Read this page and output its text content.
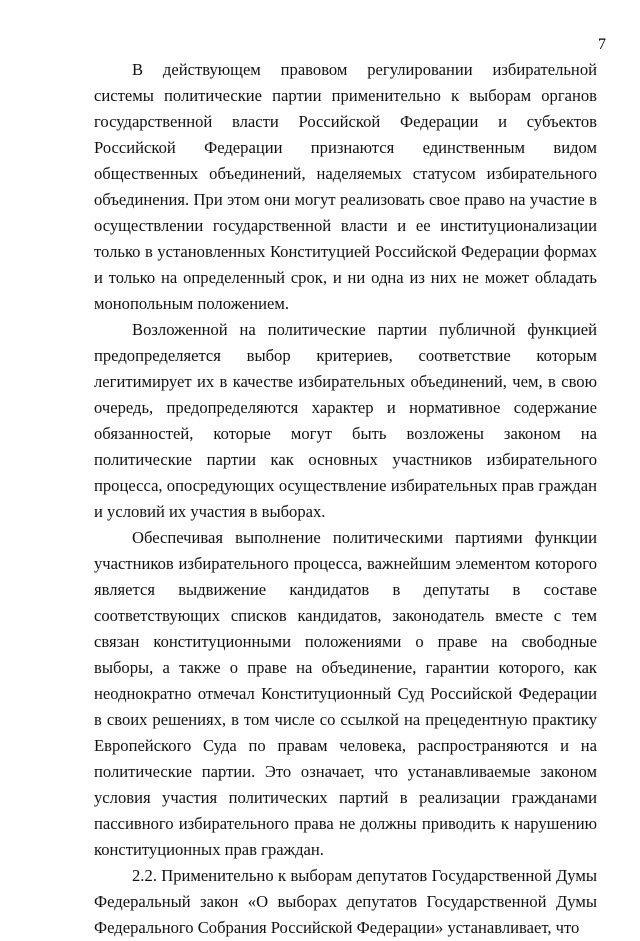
7

В действующем правовом регулировании избирательной системы политические партии применительно к выборам органов государственной власти Российской Федерации и субъектов Российской Федерации признаются единственным видом общественных объединений, наделяемых статусом избирательного объединения. При этом они могут реализовать свое право на участие в осуществлении государственной власти и ее институционализации только в установленных Конституцией Российской Федерации формах и только на определенный срок, и ни одна из них не может обладать монопольным положением.

Возложенной на политические партии публичной функцией предопределяется выбор критериев, соответствие которым легитимирует их в качестве избирательных объединений, чем, в свою очередь, предопределяются характер и нормативное содержание обязанностей, которые могут быть возложены законом на политические партии как основных участников избирательного процесса, опосредующих осуществление избирательных прав граждан и условий их участия в выборах.

Обеспечивая выполнение политическими партиями функции участников избирательного процесса, важнейшим элементом которого является выдвижение кандидатов в депутаты в составе соответствующих списков кандидатов, законодатель вместе с тем связан конституционными положениями о праве на свободные выборы, а также о праве на объединение, гарантии которого, как неоднократно отмечал Конституционный Суд Российской Федерации в своих решениях, в том числе со ссылкой на прецедентную практику Европейского Суда по правам человека, распространяются и на политические партии. Это означает, что устанавливаемые законом условия участия политических партий в реализации гражданами пассивного избирательного права не должны приводить к нарушению конституционных прав граждан.

2.2. Применительно к выборам депутатов Государственной Думы Федеральный закон «О выборах депутатов Государственной Думы Федерального Собрания Российской Федерации» устанавливает, что
